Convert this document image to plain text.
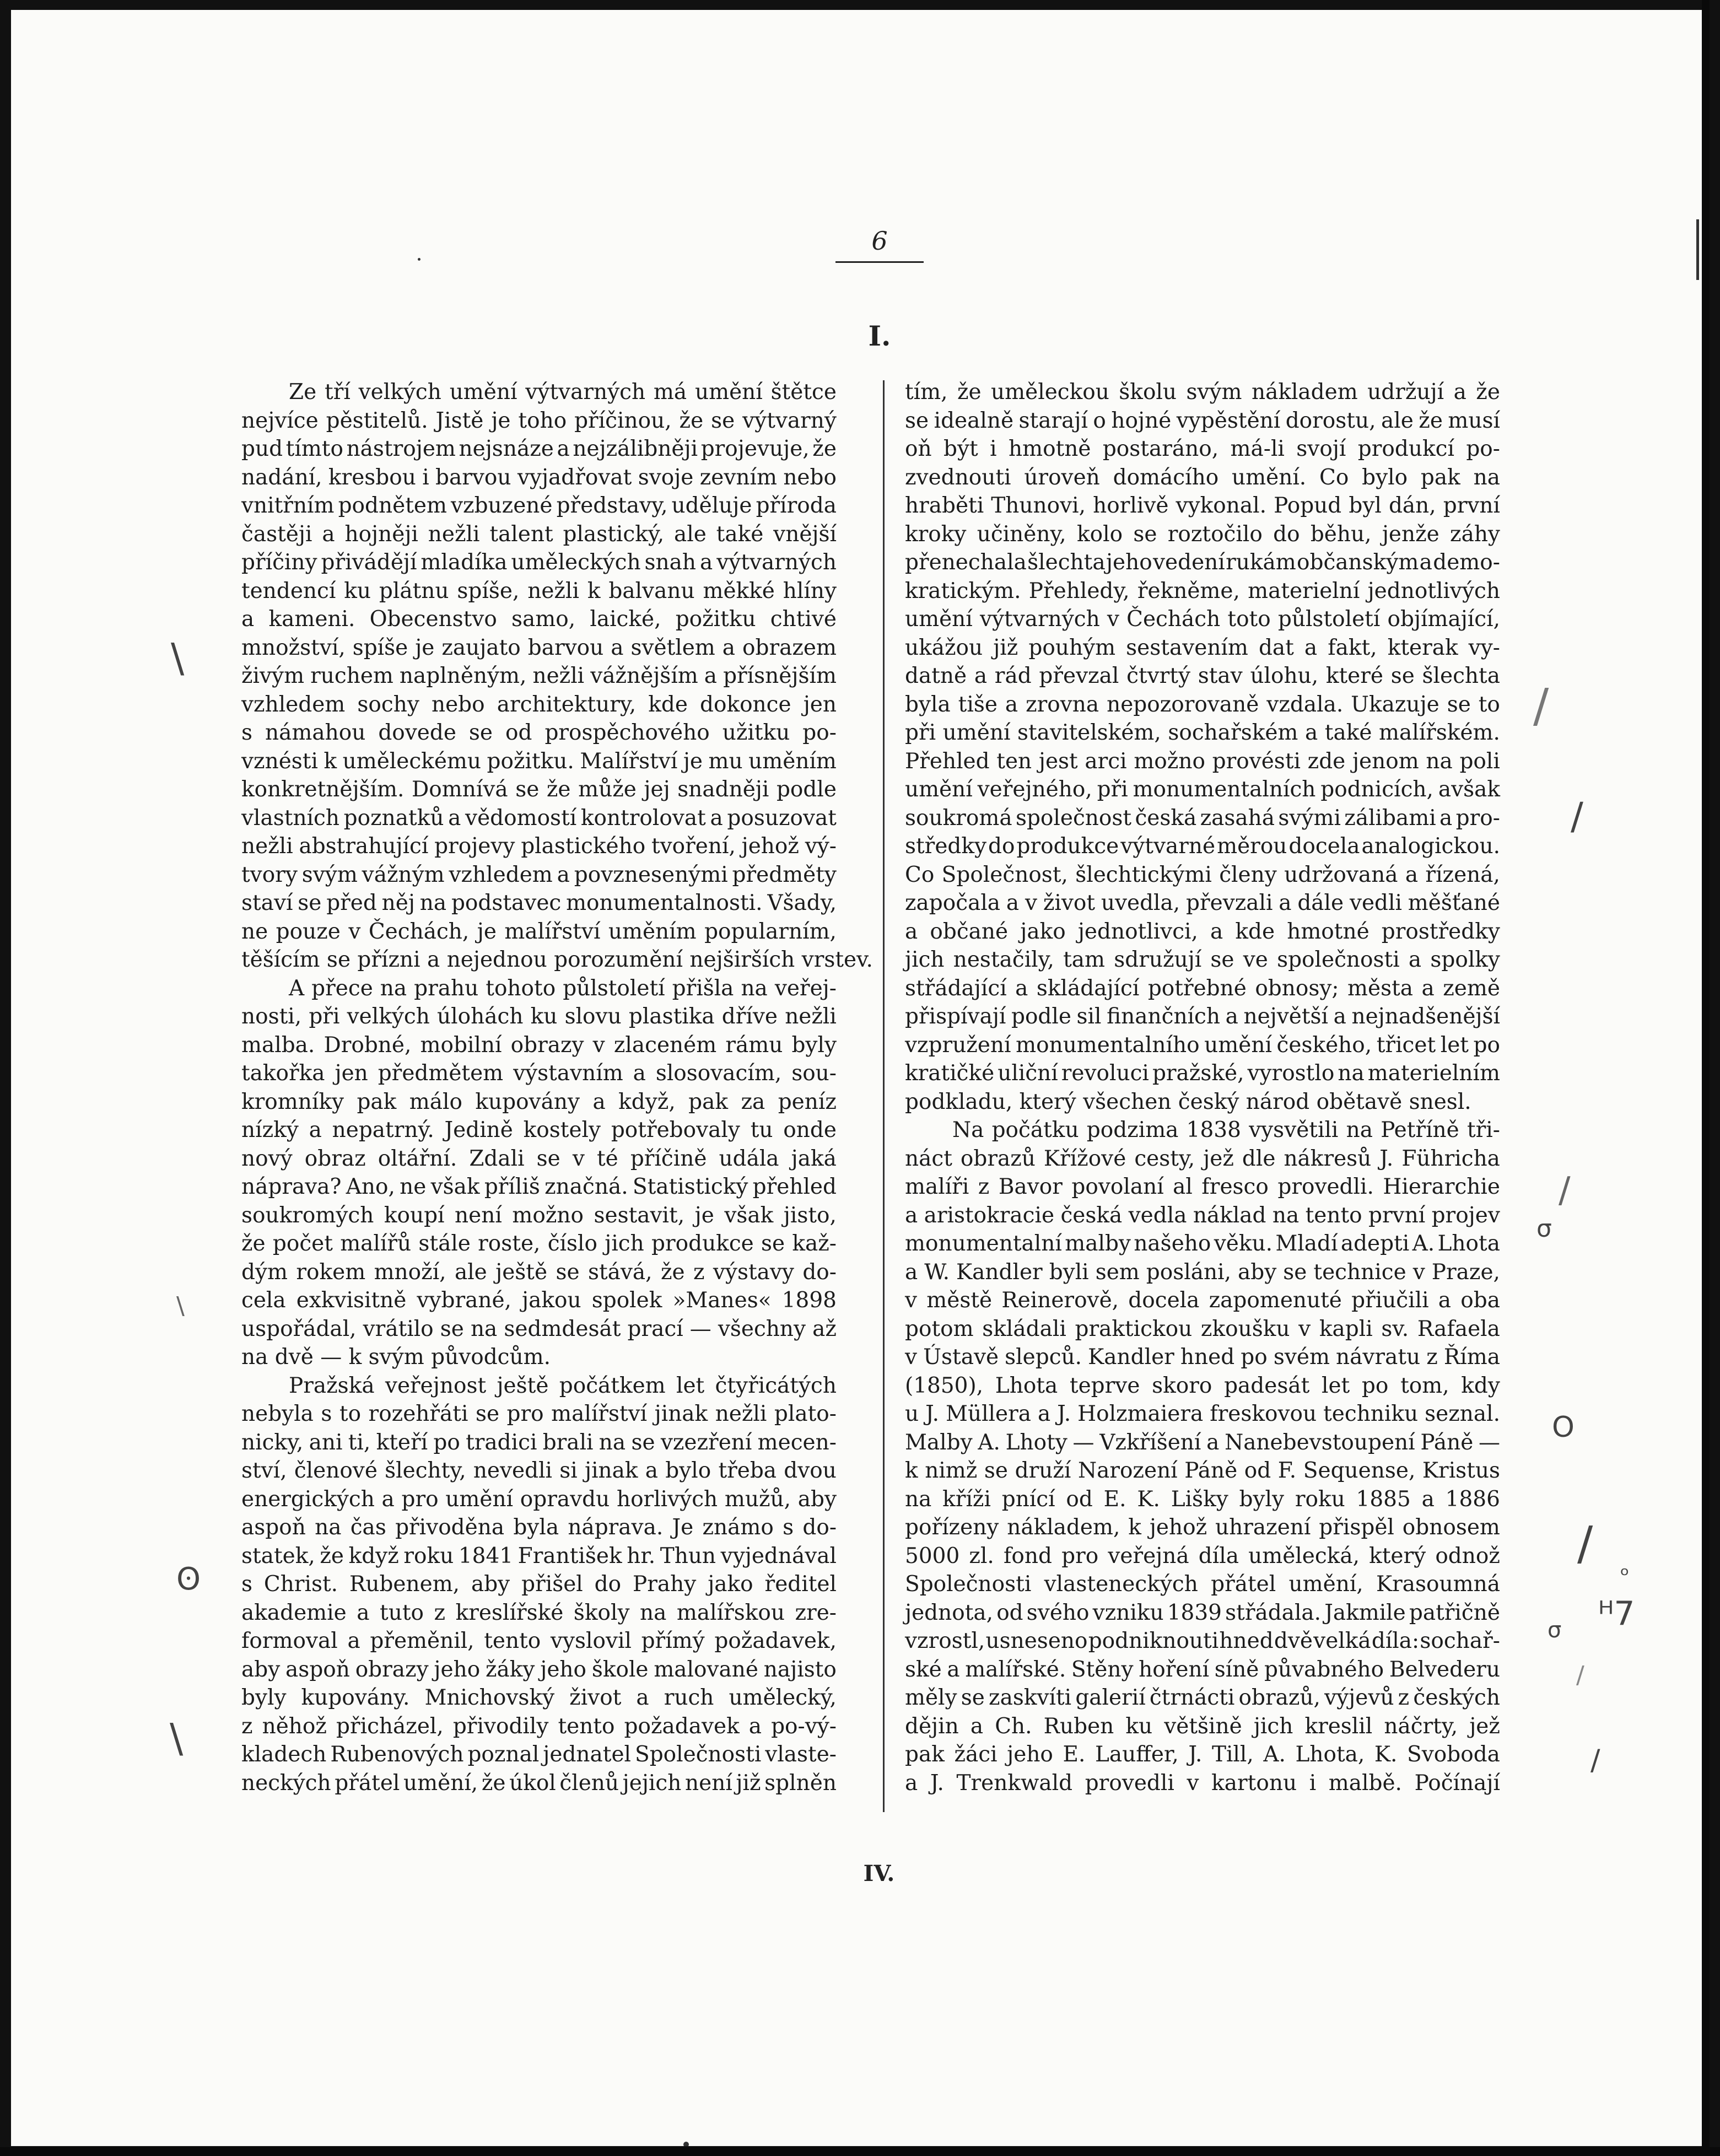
6
I.
Ze tří velkých umění výtvarných má umění štětce
nejvíce pěstitelů. Jistě je toho příčinou, že se výtvarný
pud tímto nástrojem nejsnáze a nejzálibněji projevuje, že
nadání, kresbou i barvou vyjadřovat svoje zevním nebo
vnitřním podnětem vzbuzené představy, uděluje příroda
častěji a hojněji nežli talent plastický, ale také vnější
příčiny přivádějí mladíka uměleckých snah a výtvarných
tendencí ku plátnu spíše, nežli k balvanu měkké hlíny
a kameni. Obecenstvo samo, laické, požitku chtivé
množství, spíše je zaujato barvou a světlem a obrazem
živým ruchem naplněným, nežli vážnějším a přísnějším
vzhledem sochy nebo architektury, kde dokonce jen
s námahou dovede se od prospěchového užitku po-
vznésti k uměleckému požitku. Malířství je mu uměním
konkretnějším. Domnívá se že může jej snadněji podle
vlastních poznatků a vědomostí kontrolovat a posuzovat
nežli abstrahující projevy plastického tvoření, jehož vý-
tvory svým vážným vzhledem a povznesenými předměty
staví se před něj na podstavec monumentalnosti. Všady,
ne pouze v Čechách, je malířství uměním popularním,
těšícím se přízni a nejednou porozumění nejširších vrstev.
A přece na prahu tohoto půlstoletí přišla na veřej-
nosti, při velkých úlohách ku slovu plastika dříve nežli
malba. Drobné, mobilní obrazy v zlaceném rámu byly
takořka jen předmětem výstavním a slosovacím, sou-
kromníky pak málo kupovány a když, pak za peníz
nízký a nepatrný. Jedině kostely potřebovaly tu onde
nový obraz oltářní. Zdali se v té příčině udála jaká
náprava? Ano, ne však příliš značná. Statistický přehled
soukromých koupí není možno sestavit, je však jisto,
že počet malířů stále roste, číslo jich produkce se kaž-
dým rokem množí, ale ještě se stává, že z výstavy do-
cela exkvisitně vybrané, jakou spolek »Manes« 1898
uspořádal, vrátilo se na sedmdesát prací — všechny až
na dvě — k svým původcům.
Pražská veřejnost ještě počátkem let čtyřicátých
nebyla s to rozehřáti se pro malířství jinak nežli plato-
nicky, ani ti, kteří po tradici brali na se vzezření mecen-
ství, členové šlechty, nevedli si jinak a bylo třeba dvou
energických a pro umění opravdu horlivých mužů, aby
aspoň na čas přivoděna byla náprava. Je známo s do-
statek, že když roku 1841 František hr. Thun vyjednával
s Christ. Rubenem, aby přišel do Prahy jako ředitel
akademie a tuto z kreslířské školy na malířskou zre-
formoval a přeměnil, tento vyslovil přímý požadavek,
aby aspoň obrazy jeho žáky jeho škole malované najisto
byly kupovány. Mnichovský život a ruch umělecký,
z něhož přicházel, přivodily tento požadavek a po-vý-
kladech Rubenových poznal jednatel Společnosti vlaste-
neckých přátel umění, že úkol členů jejich není již splněn
tím, že uměleckou školu svým nákladem udržují a že
se idealně starají o hojné vypěstění dorostu, ale že musí
oň být i hmotně postaráno, má-li svojí produkcí po-
zvednouti úroveň domácího umění. Co bylo pak na
hraběti Thunovi, horlivě vykonal. Popud byl dán, první
kroky učiněny, kolo se roztočilo do běhu, jenže záhy
přenechala šlechta jeho vedení rukám občanským a demo-
kratickým. Přehledy, řekněme, materielní jednotlivých
umění výtvarných v Čechách toto půlstoletí objímající,
ukážou již pouhým sestavením dat a fakt, kterak vy-
datně a rád převzal čtvrtý stav úlohu, které se šlechta
byla tiše a zrovna nepozorovaně vzdala. Ukazuje se to
při umění stavitelském, sochařském a také malířském.
Přehled ten jest arci možno provésti zde jenom na poli
umění veřejného, při monumentalních podnicích, avšak
soukromá společnost česká zasahá svými zálibami a pro-
středky do produkce výtvarné měrou docela analogickou.
Co Společnost, šlechtickými členy udržovaná a řízená,
započala a v život uvedla, převzali a dále vedli měšťané
a občané jako jednotlivci, a kde hmotné prostředky
jich nestačily, tam sdružují se ve společnosti a spolky
střádající a skládající potřebné obnosy; města a země
přispívají podle sil finančních a největší a nejnadšenější
vzpružení monumentalního umění českého, třicet let po
kratičké uliční revoluci pražské, vyrostlo na materielním
podkladu, který všechen český národ obětavě snesl.
Na počátku podzima 1838 vysvětili na Petříně tři-
náct obrazů Křížové cesty, jež dle nákresů J. Führicha
malíři z Bavor povolaní al fresco provedli. Hierarchie
a aristokracie česká vedla náklad na tento první projev
monumentalní malby našeho věku. Mladí adepti A. Lhota
a W. Kandler byli sem posláni, aby se technice v Praze,
v městě Reinerově, docela zapomenuté přiučili a oba
potom skládali praktickou zkoušku v kapli sv. Rafaela
v Ústavě slepců. Kandler hned po svém návratu z Říma
(1850), Lhota teprve skoro padesát let po tom, kdy
u J. Müllera a J. Holzmaiera freskovou techniku seznal.
Malby A. Lhoty — Vzkříšení a Nanebevstoupení Páně —
k nimž se druží Narození Páně od F. Sequense, Kristus
na kříži pnící od E. K. Lišky byly roku 1885 a 1886
pořízeny nákladem, k jehož uhrazení přispěl obnosem
5000 zl. fond pro veřejná díla umělecká, který odnož
Společnosti vlasteneckých přátel umění, Krasoumná
jednota, od svého vzniku 1839 střádala. Jakmile patřičně
vzrostl, usneseno podniknouti hned dvě velká díla: sochař-
ské a malířské. Stěny hoření síně půvabného Belvederu
měly se zaskvíti galerií čtrnácti obrazů, výjevů z českých
dějin a Ch. Ruben ku většině jich kreslil náčrty, jež
pak žáci jeho E. Lauffer, J. Till, A. Lhota, K. Svoboda
a J. Trenkwald provedli v kartonu i malbě. Počínají
IV.
\
\
ʘ
\
/
/
/
σ
O
/
ᵒ
σ ᴴ7
/
/
